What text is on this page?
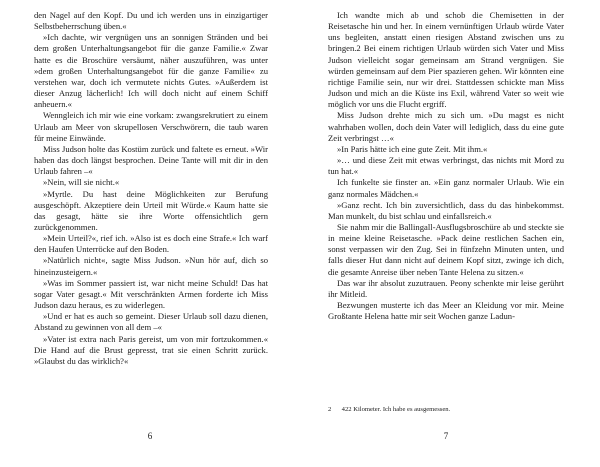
den Nagel auf den Kopf. Du und ich werden uns in einzigartiger Selbstbeherrschung üben.«

»Ich dachte, wir vergnügen uns an sonnigen Stränden und bei dem großen Unterhaltungsangebot für die ganze Familie.« Zwar hatte es die Broschüre versäumt, näher auszuführen, was unter »dem großen Unterhaltungsangebot für die ganze Familie« zu verstehen war, doch ich vermutete nichts Gutes. »Außerdem ist dieser Anzug lächerlich! Ich will doch nicht auf einem Schiff anheuern.«

Wenngleich ich mir wie eine vorkam: zwangsrekrutiert zu einem Urlaub am Meer von skrupellosen Verschwörern, die taub waren für meine Einwände.

Miss Judson holte das Kostüm zurück und faltete es erneut. »Wir haben das doch längst besprochen. Deine Tante will mit dir in den Urlaub fahren –«

»Nein, will sie nicht.«

»Myrtle. Du hast deine Möglichkeiten zur Berufung ausgeschöpft. Akzeptiere dein Urteil mit Würde.« Kaum hatte sie das gesagt, hätte sie ihre Worte offensichtlich gern zurückgenommen.

»Mein Urteil?«, rief ich. »Also ist es doch eine Strafe.« Ich warf den Haufen Unterröcke auf den Boden.

»Natürlich nicht«, sagte Miss Judson. »Nun hör auf, dich so hineinzusteigern.«

»Was im Sommer passiert ist, war nicht meine Schuld! Das hat sogar Vater gesagt.« Mit verschränkten Armen forderte ich Miss Judson dazu heraus, es zu widerlegen.

»Und er hat es auch so gemeint. Dieser Urlaub soll dazu dienen, Abstand zu gewinnen von all dem –«

»Vater ist extra nach Paris gereist, um von mir fortzukommen.« Die Hand auf die Brust gepresst, trat sie einen Schritt zurück. »Glaubst du das wirklich?«

6

Ich wandte mich ab und schob die Chemisetten in der Reisetasche hin und her. In einem vernünftigen Urlaub würde Vater uns begleiten, anstatt einen riesigen Abstand zwischen uns zu bringen.2 Bei einem richtigen Urlaub würden sich Vater und Miss Judson vielleicht sogar gemeinsam am Strand vergnügen. Sie würden gemeinsam auf dem Pier spazieren gehen. Wir könnten eine richtige Familie sein, nur wir drei. Stattdessen schickte man Miss Judson und mich an die Küste ins Exil, während Vater so weit wie möglich vor uns die Flucht ergriff.

Miss Judson drehte mich zu sich um. »Du magst es nicht wahrhaben wollen, doch dein Vater will lediglich, dass du eine gute Zeit verbringst …«

»In Paris hätte ich eine gute Zeit. Mit ihm.«

»… und diese Zeit mit etwas verbringst, das nichts mit Mord zu tun hat.«

Ich funkelte sie finster an. »Ein ganz normaler Urlaub. Wie ein ganz normales Mädchen.«

»Ganz recht. Ich bin zuversichtlich, dass du das hinbekommst. Man munkelt, du bist schlau und einfallsreich.«

Sie nahm mir die Ballingall-Ausflugsbroschüre ab und steckte sie in meine kleine Reisetasche. »Pack deine restlichen Sachen ein, sonst verpassen wir den Zug. Sei in fünfzehn Minuten unten, und falls dieser Hut dann nicht auf deinem Kopf sitzt, zwinge ich dich, die gesamte Anreise über neben Tante Helena zu sitzen.«

Das war ihr absolut zuzutrauen. Peony schenkte mir leise gerührt ihr Mitleid.

Bezwungen musterte ich das Meer an Kleidung vor mir. Meine Großtante Helena hatte mir seit Wochen ganze Ladun-

2 422 Kilometer. Ich habe es ausgemessen.
7
